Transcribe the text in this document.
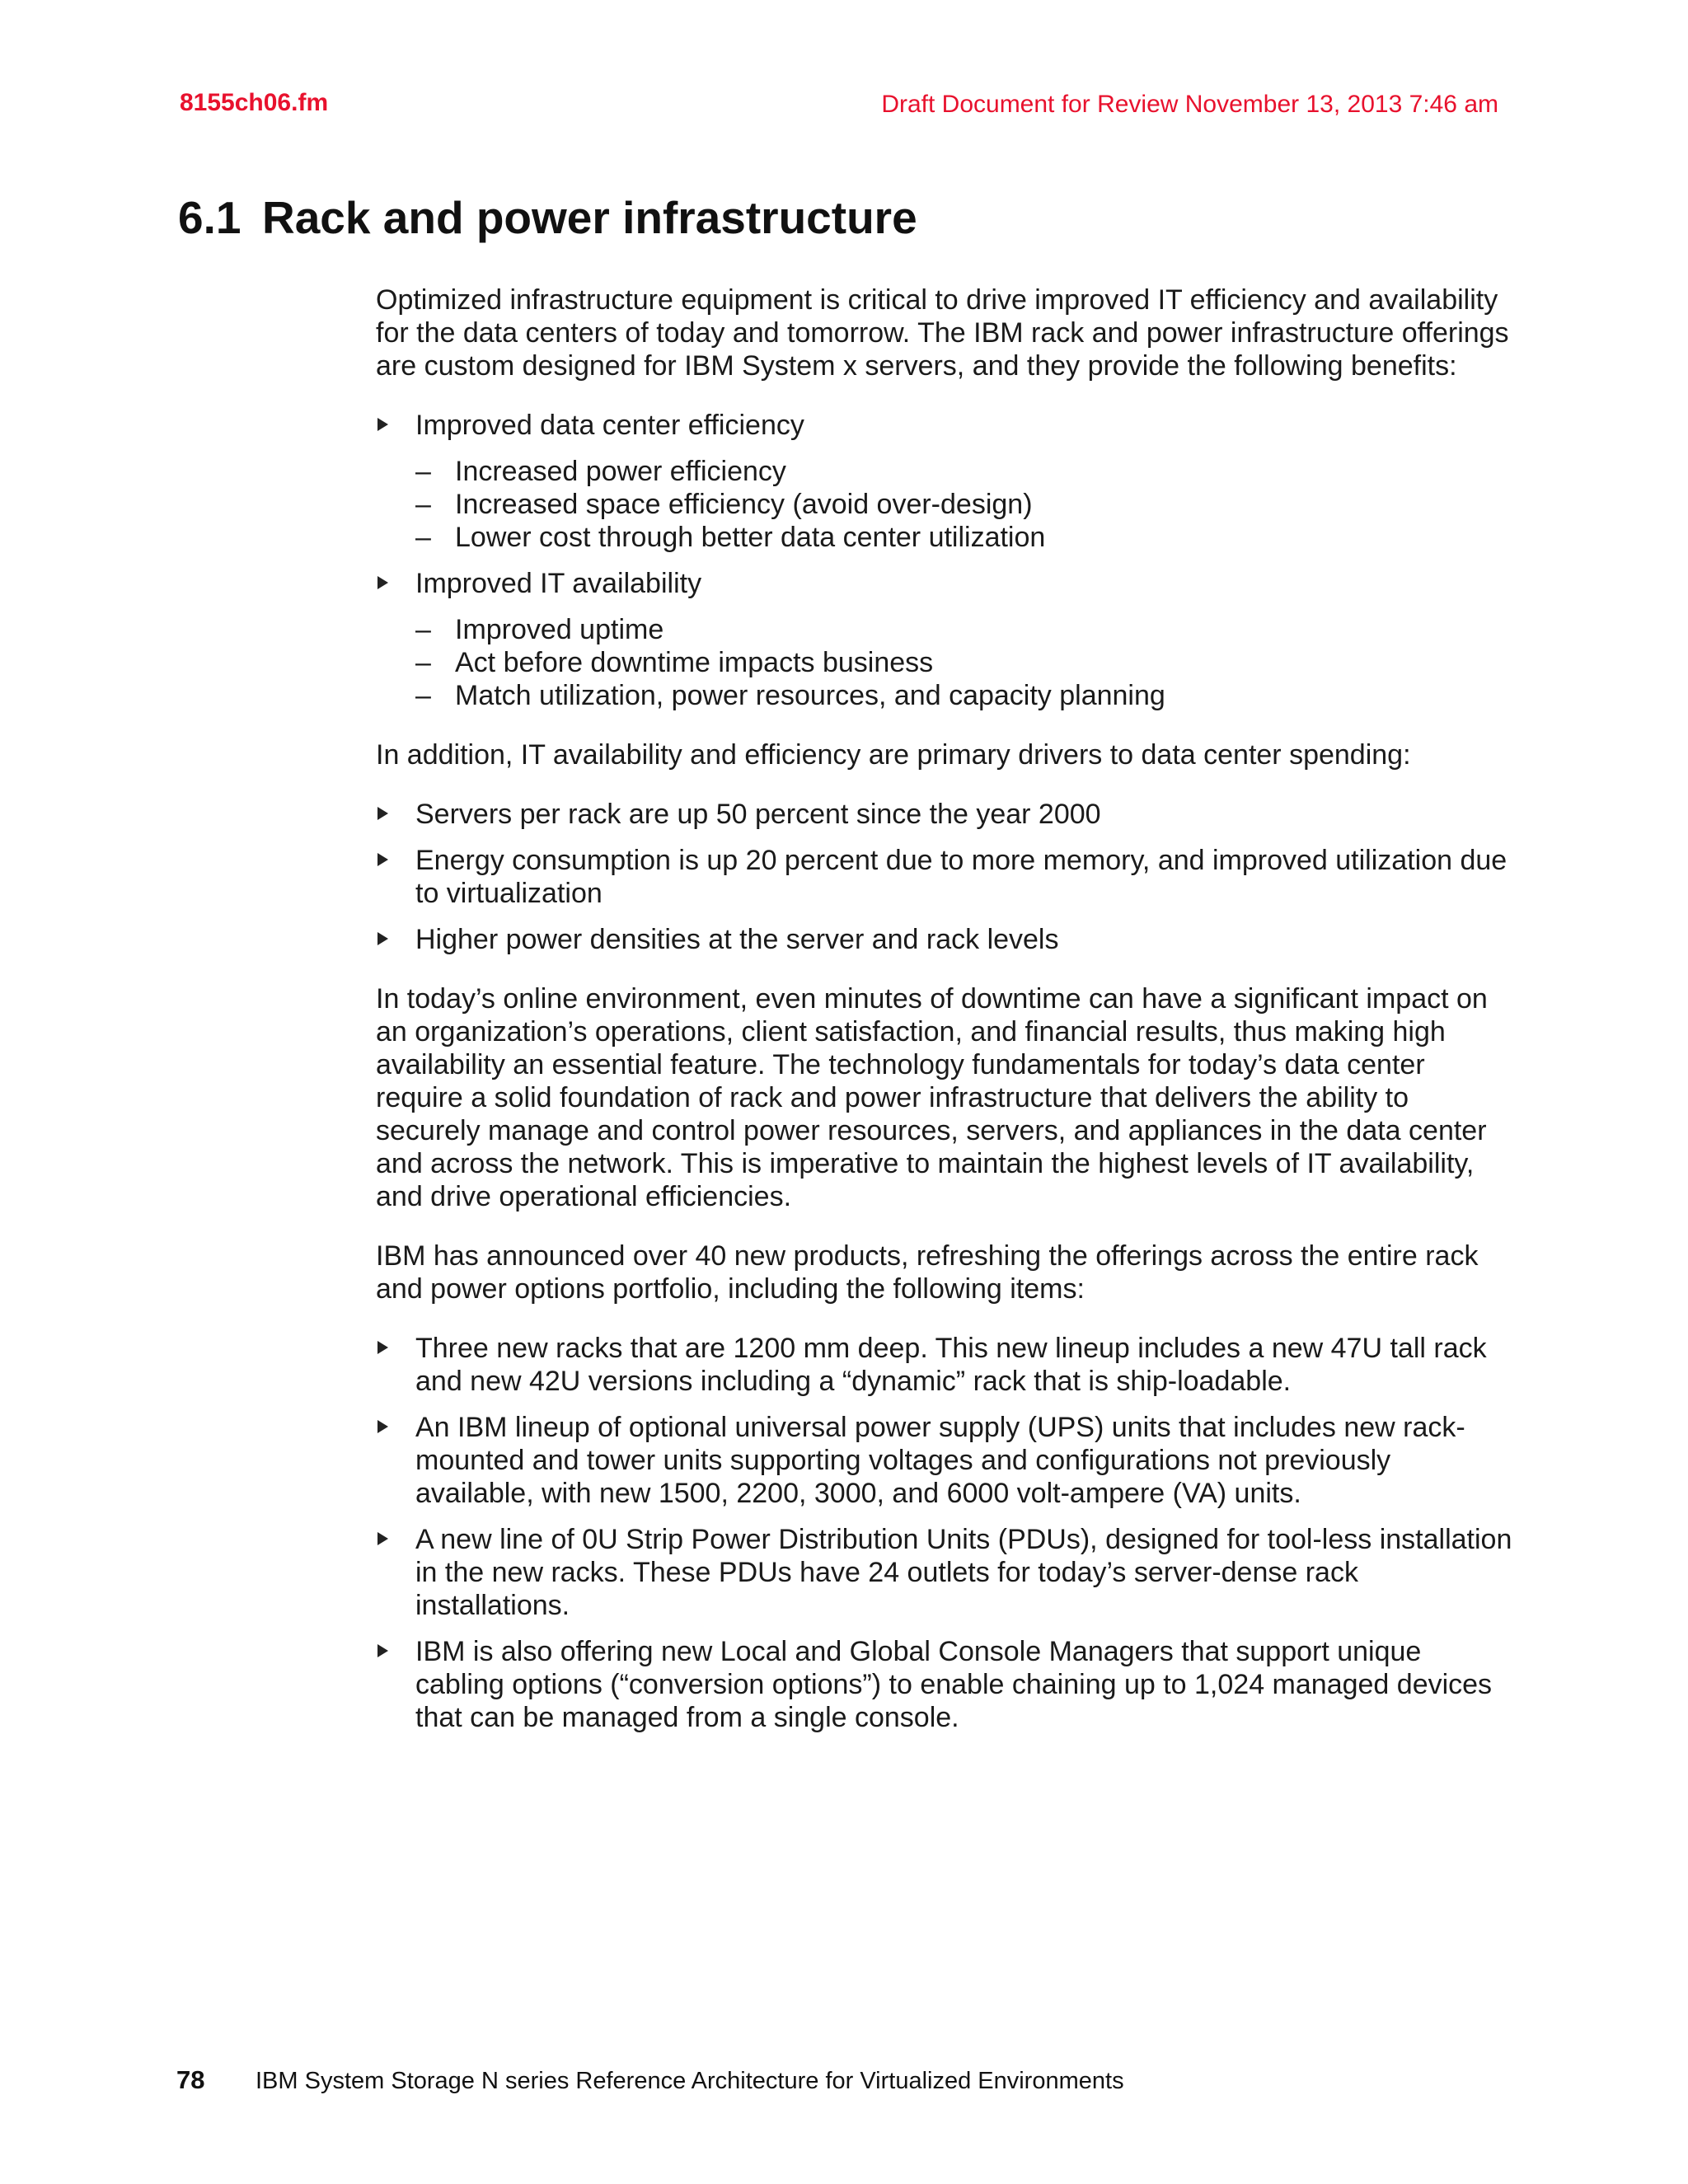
8155ch06.fm	Draft Document for Review November 13, 2013 7:46 am
6.1 Rack and power infrastructure

Optimized infrastructure equipment is critical to drive improved IT efficiency and availability for the data centers of today and tomorrow. The IBM rack and power infrastructure offerings are custom designed for IBM System x servers, and they provide the following benefits:

Improved data center efficiency
– Increased power efficiency
– Increased space efficiency (avoid over-design)
– Lower cost through better data center utilization
Improved IT availability
– Improved uptime
– Act before downtime impacts business
– Match utilization, power resources, and capacity planning

In addition, IT availability and efficiency are primary drivers to data center spending:

Servers per rack are up 50 percent since the year 2000
Energy consumption is up 20 percent due to more memory, and improved utilization due to virtualization
Higher power densities at the server and rack levels

In today’s online environment, even minutes of downtime can have a significant impact on an organization’s operations, client satisfaction, and financial results, thus making high availability an essential feature. The technology fundamentals for today’s data center require a solid foundation of rack and power infrastructure that delivers the ability to securely manage and control power resources, servers, and appliances in the data center and across the network. This is imperative to maintain the highest levels of IT availability, and drive operational efficiencies.

IBM has announced over 40 new products, refreshing the offerings across the entire rack and power options portfolio, including the following items:

Three new racks that are 1200 mm deep. This new lineup includes a new 47U tall rack and new 42U versions including a “dynamic” rack that is ship-loadable.
An IBM lineup of optional universal power supply (UPS) units that includes new rack-mounted and tower units supporting voltages and configurations not previously available, with new 1500, 2200, 3000, and 6000 volt-ampere (VA) units.
A new line of 0U Strip Power Distribution Units (PDUs), designed for tool-less installation in the new racks. These PDUs have 24 outlets for today’s server-dense rack installations.
IBM is also offering new Local and Global Console Managers that support unique cabling options (“conversion options”) to enable chaining up to 1,024 managed devices that can be managed from a single console.
78 IBM System Storage N series Reference Architecture for Virtualized Environments
